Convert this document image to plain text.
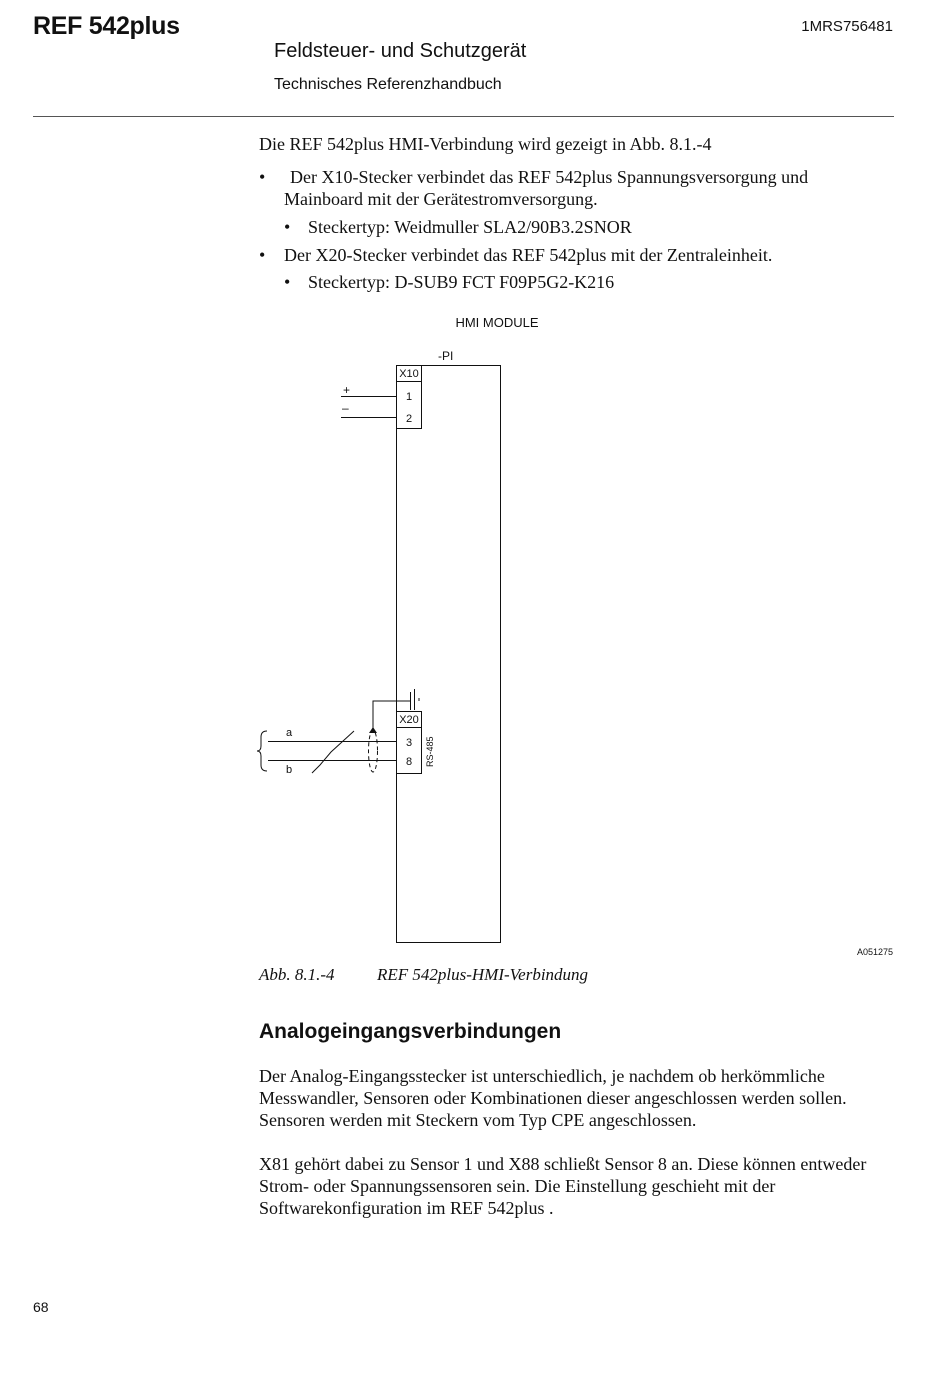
REF 542plus	1MRS756481
Feldsteuer- und Schutzgerät
Technisches Referenzhandbuch
Die REF 542plus HMI-Verbindung wird gezeigt in Abb. 8.1.-4
• Der X10-Stecker verbindet das REF 542plus Spannungsversorgung und
Mainboard mit der Gerätestromversorgung.
• Steckertyp: Weidmuller SLA2/90B3.2SNOR
• Der X20-Stecker verbindet das REF 542plus mit der Zentraleinheit.
• Steckertyp: D-SUB9 FCT F09P5G2-K216
HMI MODULE
-PI
X10
1
2
+
–
X20
3
8
a
b
RS-485
A051275
Abb. 8.1.-4 REF 542plus-HMI-Verbindung
Analogeingangsverbindungen
Der Analog-Eingangsstecker ist unterschiedlich, je nachdem ob herkömmliche Messwandler, Sensoren oder Kombinationen dieser angeschlossen werden sollen. Sensoren werden mit Steckern vom Typ CPE angeschlossen.
X81 gehört dabei zu Sensor 1 und X88 schließt Sensor 8 an. Diese können entweder Strom- oder Spannungssensoren sein. Die Einstellung geschieht mit der Softwarekonfiguration im REF 542plus .
68
